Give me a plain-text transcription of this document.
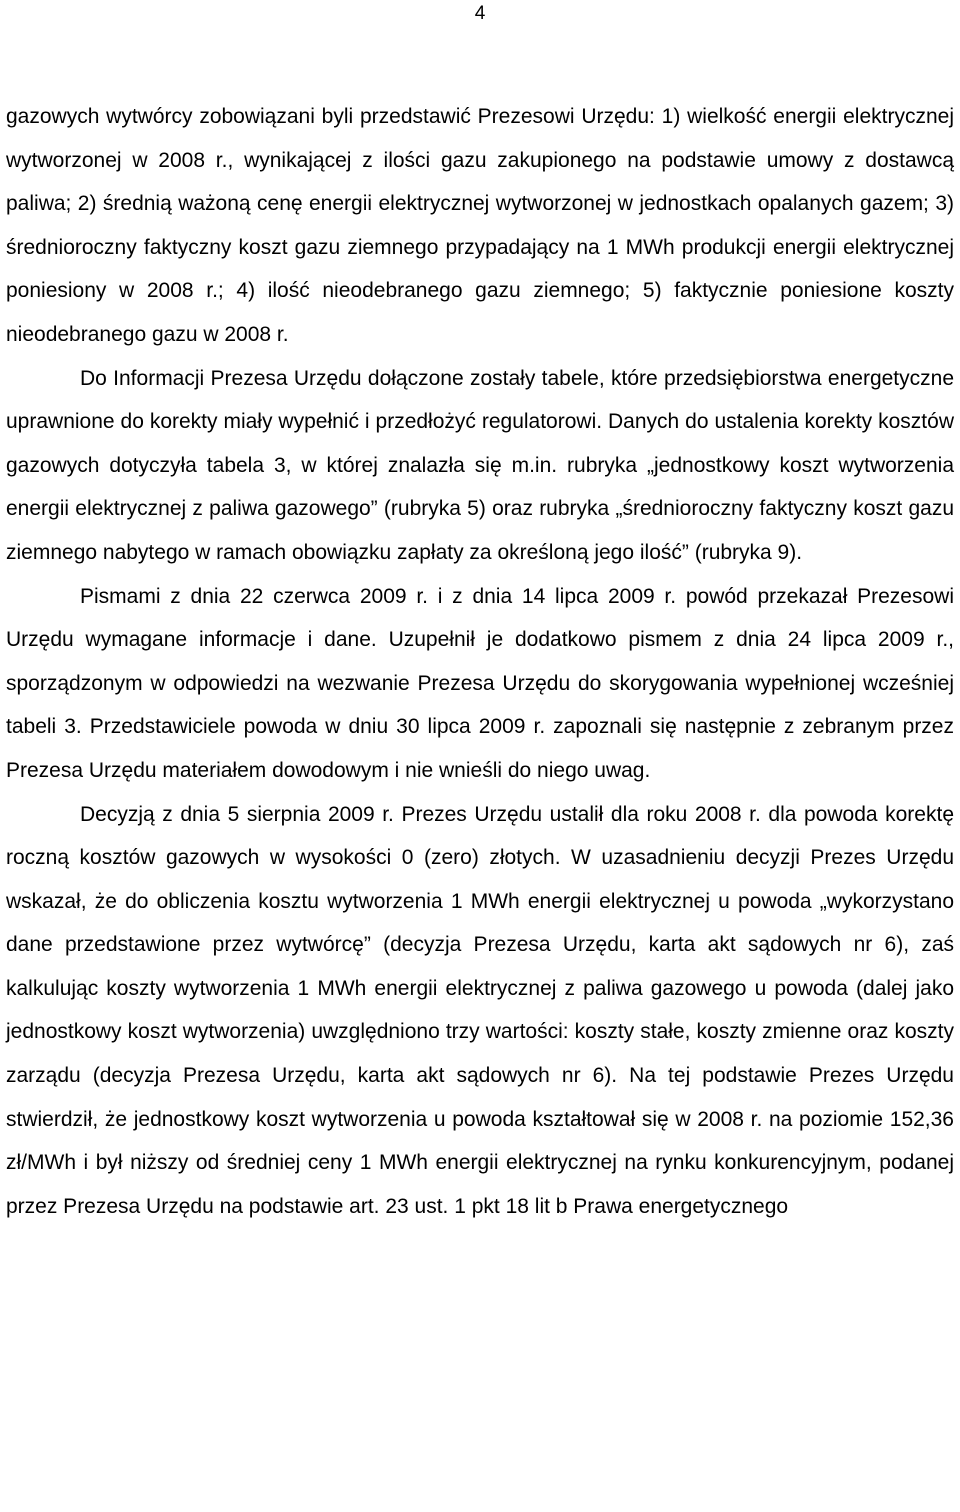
4

gazowych wytwórcy zobowiązani byli przedstawić Prezesowi Urzędu: 1) wielkość energii elektrycznej wytworzonej w 2008 r., wynikającej z ilości gazu zakupionego na podstawie umowy z dostawcą paliwa; 2) średnią ważoną cenę energii elektrycznej wytworzonej w jednostkach opalanych gazem; 3) średnioroczny faktyczny koszt gazu ziemnego przypadający na 1 MWh produkcji energii elektrycznej poniesiony w 2008 r.; 4) ilość nieodebranego gazu ziemnego; 5) faktycznie poniesione koszty nieodebranego gazu w 2008 r.

Do Informacji Prezesa Urzędu dołączone zostały tabele, które przedsiębiorstwa energetyczne uprawnione do korekty miały wypełnić i przedłożyć regulatorowi. Danych do ustalenia korekty kosztów gazowych dotyczyła tabela 3, w której znalazła się m.in. rubryka „jednostkowy koszt wytworzenia energii elektrycznej z paliwa gazowego” (rubryka 5) oraz rubryka „średnioroczny faktyczny koszt gazu ziemnego nabytego w ramach obowiązku zapłaty za określoną jego ilość” (rubryka 9).

Pismami z dnia 22 czerwca 2009 r. i z dnia 14 lipca 2009 r. powód przekazał Prezesowi Urzędu wymagane informacje i dane. Uzupełnił je dodatkowo pismem z dnia 24 lipca 2009 r., sporządzonym w odpowiedzi na wezwanie Prezesa Urzędu do skorygowania wypełnionej wcześniej tabeli 3. Przedstawiciele powoda w dniu 30 lipca 2009 r. zapoznali się następnie z zebranym przez Prezesa Urzędu materiałem dowodowym i nie wnieśli do niego uwag.

Decyzją z dnia 5 sierpnia 2009 r. Prezes Urzędu ustalił dla roku 2008 r. dla powoda korektę roczną kosztów gazowych w wysokości 0 (zero) złotych. W uzasadnieniu decyzji Prezes Urzędu wskazał, że do obliczenia kosztu wytworzenia 1 MWh energii elektrycznej u powoda „wykorzystano dane przedstawione przez wytwórcę” (decyzja Prezesa Urzędu, karta akt sądowych nr 6), zaś kalkulując koszty wytworzenia 1 MWh energii elektrycznej z paliwa gazowego u powoda (dalej jako jednostkowy koszt wytworzenia) uwzględniono trzy wartości: koszty stałe, koszty zmienne oraz koszty zarządu (decyzja Prezesa Urzędu, karta akt sądowych nr 6). Na tej podstawie Prezes Urzędu stwierdził, że jednostkowy koszt wytworzenia u powoda kształtował się w 2008 r. na poziomie 152,36 zł/MWh i był niższy od średniej ceny 1 MWh energii elektrycznej na rynku konkurencyjnym, podanej przez Prezesa Urzędu na podstawie art. 23 ust. 1 pkt 18 lit b Prawa energetycznego
